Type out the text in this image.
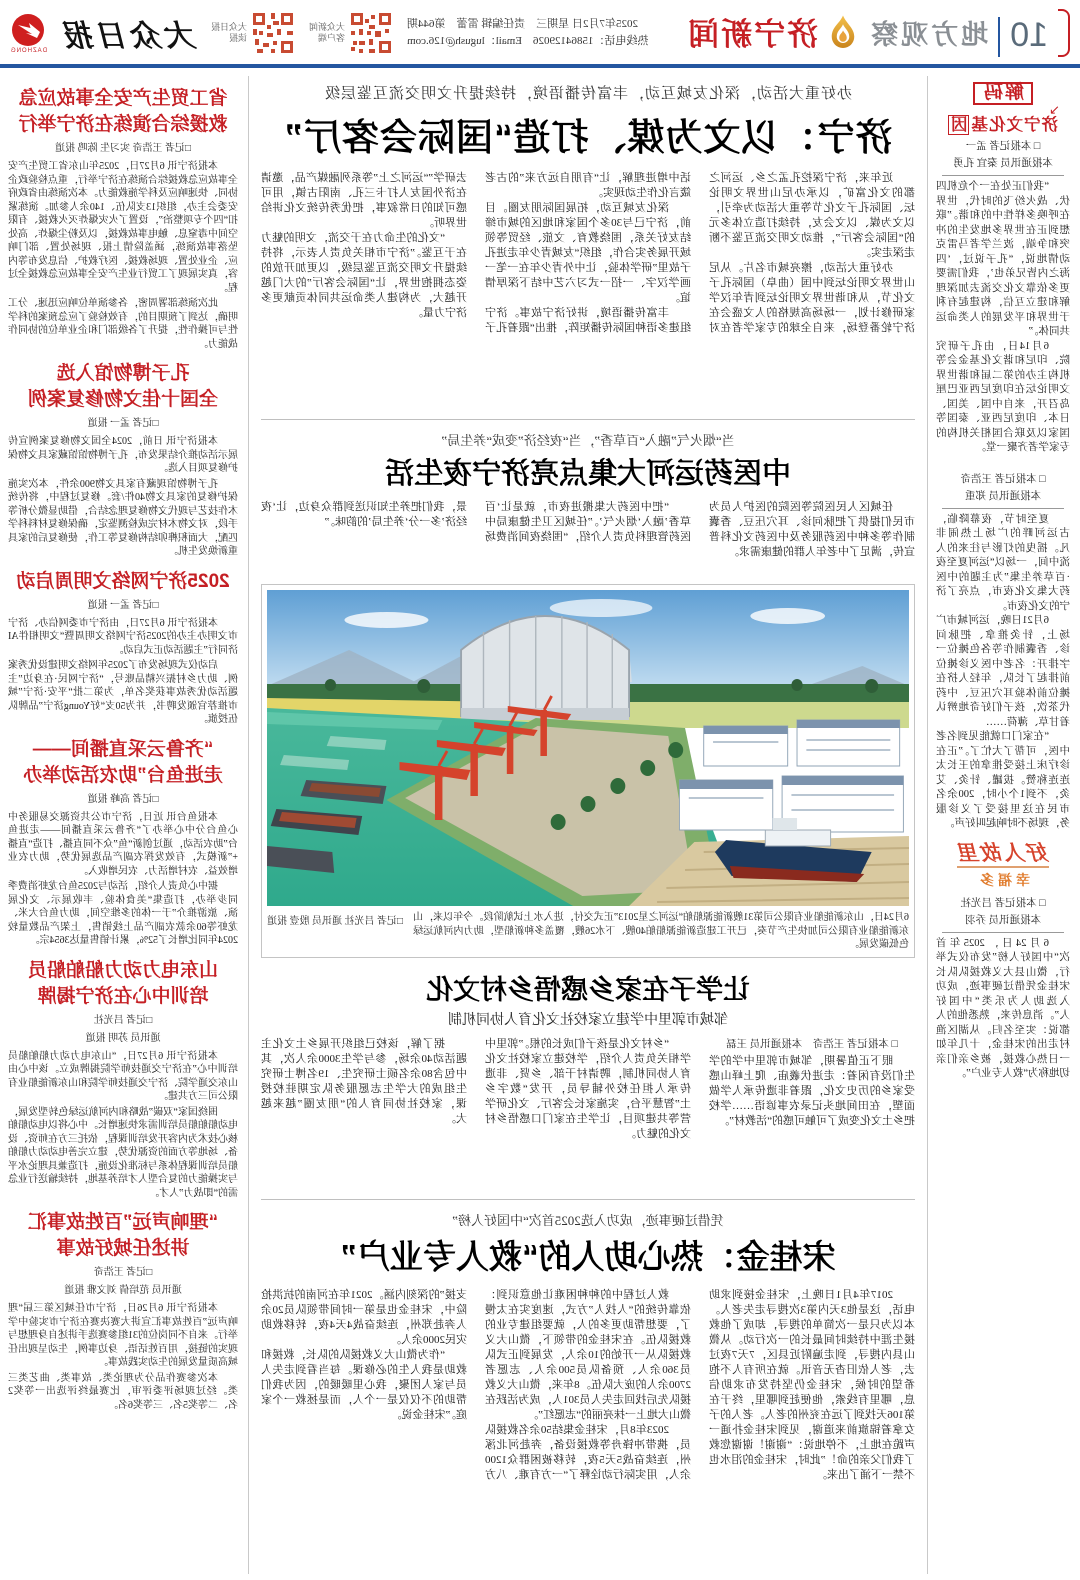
10
地方观察
济宁新闻
2025年7月2日 星期三　责任编辑 雷蕾　第644期
热线电话：15864129026　Email：lugush@126.com
大众新闻
客户端
大众日报
读报
大众日报
DAZHONG
解码
↘
济宁文化基因
□ 本报记者 孟一
本报通讯员 秦宜 孔勇

“我们正处在一个危机四伏、战火纷飞的时代，世界在呼唤多样性中的和谐。”联想到正在世界多地发生的冲突和争端，波兰学者马雷克动情地说，“孔子说过，‘四海之内皆兄弟也’，我们需要更多依靠文化交流去加深理解和建立互信，构建起有利于世界和平发展的人类命运共同体。”

6月14日，由孔子研究院、印尼和谐文化基金会等机构主办的第二届和谐世界文明论坛在印度尼西亚巴厘岛召开，来自中国、美国、日本、印度尼西亚、泰国等国家以及联合国相关机构的专家学者齐聚一堂。

□ 本报记者 王浩奇
本报通讯员 郑重

夏至时节，夜幕降临，古运河畔的广场上热闹非凡。摇曳的灯影与往来的人流中间，一场以“运河夏至夜·百草养生集”为主题的中医药大集文化夜市，点亮了济宁的文化夜市。

6月21日晚，运河城市广场上，针灸推拿、把脉问诊、香囊制作等各色摊位一字排开：名老中医义诊摊位前排起了长队，年轻人挤在摊位前体验耳穴压豆、中药代茶饮，孩子们好奇地辨认着甘草、薄荷……

“在家门口就能见到名老中医，可帮了大忙了。”正在诊疗床上接受推拿的王长太连连称赞。拔罐、针灸、艾灸，不到1个小时，200余名市民在这里接受了义诊服务，现场不时响起叫好声。

好人故里
幸福多
□ 本报记者 吕光社
本报通讯员 乔羽

6月24日，2025年首次“中国好人榜”发布仪式举行，微山县大义救援队队长宋桂金凭借过硬事迹，成功入选助人为乐类“中国好人”。消息传来，熟悉他的人都说：实至名归。从湖区渔村走出的宋桂金，十几年如一日热心救援，被乡亲们亲切地称为“救人专业户”。

办好重大活动，深化友城互动，丰富传播语境，持续提升文明交流互鉴层级
济宁：以文为媒、打造“国际会客厅”

近年来，济宁深挖孔孟之乡、运河之都的文化富矿，以承办尼山世界文明论坛、国际孔子文化节等重大活动为牵引，以文为媒、以文会友，持续打造立体多元的“国际会客厅”，推动文明交流互鉴不断走深走实。

办好重大活动，擦亮城市名片。从尼山世界文明论坛到中国（曲阜）国际孔子文化节，从和谐世界文明论坛到青年汉学家研修计划，一场场高规格的人文盛会在济宁轮番登场，来自全球的专家学者在对话中增进理解，让“有朋自远方来”的古老箴言化作生动现实。

深化友城互动，拓展国际朋友圈。目前，济宁已与30多个国家和地区的城市缔结友好关系，围绕教育、文旅、经贸等领域开展务实合作，组织“友城青少年走进孔子故里”研学体验，让中外青少年在一笔一画学汉字、一招一式习六艺中结下深厚情谊。

丰富传播语境，讲好济宁故事。济宁组建多语种国际传播矩阵，推出“跟着孔子去研学”“运河之上”等系列融媒产品，邀请在济外国友人打卡三孔、南阳古镇，用可感可知的日常叙事，把优秀传统文化讲给世界听。

“文化的生命力在于交流，文明的魅力在于互鉴。”济宁市相关负责人表示，将持续提升文明交流互鉴层级，以更加开放的姿态拥抱世界，让“国际会客厅”的大门越开越大，为构建人类命运共同体贡献更多济宁力量。

当“烟火气”融入“百草香”，当“夜经济”变成“养生局”
中医药运河大集点亮济宁夜生活

任城区人民医院等医院的医护人员为市民们提供了把脉问诊、耳穴压豆、香囊制作等多种中医药服务及中医药文化科普宣传，满足了中老年人群的健康需求。

“把中医药大集搬进夜市，就是让‘百草香’融入‘烟火气’。”任城区卫生健康局中医药管理科负责人介绍，“围绕夜间消费场景，我们把养生知识送到群众身边，让‘夜经济’多一分‘养生局’的韵味。”

6月24日，山东新能船业有限公司第31艘新能源船舶“运河之星2013”正式交付，进入水上试航阶段。今年以来，山东新能船业有限公司加快生产节奏，已开工建造新能源船舶40艘、下水26艘，覆盖多种新船型，助力内河航运绿色低碳发展。
□记者 吕光社 通讯员 殷壹 报道
让学子在家乡感悟乡村文化
邹城市郭里中学建立家校社文化育人协同机制
□ 本报记者 王浩奇　本报通讯员 王磊

眼下正值暑期，邹城市郭里中学的学生们没有闲着：走进伏羲庙、爬上峄山感受家乡的历史文化，跟着非遗传承人学做面塑，在田间地头记录农事谚语……学校把乡土文化变成了可触可感的“活教材”。

“乡村文化是孩子们成长的根。”郭里中学相关负责人介绍，学校建立家校社文化育人协同机制，聘请村干部、乡贤、非遗传承人担任校外辅导员，开发“数字乡土”智慧平台，实施家长会客厅、文化研学营等共建项目，让学生在家门口感悟乡村文化的魅力。

据了解，该校已组织开展乡土文化主题活动40余场，参与学生3000余人次，其中包含80余名硕士研究生、19名博士研究生组成的大学生志愿服务队定期驻校授课，家校社协同育人的“朋友圈”越来越大。

凭借过硬事迹，成功入选2025首次“中国好人榜”
宋桂金：热心助人的“救人专业户”

2017年4月1日晚上，宋桂金接到求助电话，这是他3天内第3次搜寻走失老人。本以为只是一次简单的搜寻，却成了他救援生涯中持续时间最长的一次行动。从微山县内搜寻，到走遍附近县区，7天7夜过去，老人依旧杳无音讯。就在所有人不抱希望的时候，宋桂金仍坚持发布求助信息，哪里有线索，他便赶到哪里，终于在第106天找到了远在兖州的老人。老人的子女拿着锦旗前来道谢，见到宋桂金扑通一声跪在地上，不停地说：“谢谢！谢谢您救了我们父亲的命！”此时，宋桂金的泪水也不禁一下涌了出来。

救人过程中的种种困难让他意识到：依靠传统的“人找人”方式，速度实在太慢了，要想帮助更多的人，就要组建专业的救援队伍。在宋桂金的带领下，微山大义救援队从一开始的10余人，发展到正式队员360余人、预备队员500余人、志愿者2700余人的庞大队伍。8年来，微山大义救援队先后找回走失人员301人，成为活跃在微山大地上一抹亮丽的“志愿红”。

2023年8月，宋桂金集结50余名救援队员，携带冲锋舟等救援设备，奔赴河北涿州，连续奋战5天5夜，转移被困群众1200余人，用实际行动诠释了“一方有难、八方支援”的深刻内涵。2021年在河南的抗洪抢险中，宋桂金也是第一时间带领队员20余人奔赴郑州，连续奋战4天4夜，转移救助灾民2000余人。

“作为微山大义救援队的队长，救援和救助是我人生的必修课。每当看到走失人员与家人团聚，我心里暖暖的，因为我们帮助的不仅仅是一个人，而是拯救一个家庭。”宋桂金说。

省工贸生产安全事故应急
救援综合演练在济宁举行
□记者 王浩奇 实习生 陈鸣 报道

本报济宁讯 6月27日，2025年山东省工贸生产安全事故应急救援综合演练在济宁举行，重点检验政企协同、快速响应及科学施救能力。本次演练由省政府安委会主办，组织13支队伍、140余人参加。演练紧扣“四个专项整治”，设置了火灾爆炸灭火救援、有限空间中毒窒息、触电事故救援，以及粉尘爆炸、高处坠落事故演练，涵盖险情上报、现场处置、部门响应、企业处置、现场救援、医疗救护、信息发布等内容，真实展现了工贸行业生产安全事故应急救援全过程。

此次演练部署周密，各参演单位响应迅速、分工明确，达到了预期目的，有效检验了应急预案的科学性与可操作性，提升了各级部门和企业单位的协同作战能力。

孔子博物馆入选
全国十佳文物修复案例
□记者 孟一 报道

本报济宁讯 日前，2024全国文物修复案例宣传展示活动推介结果发布，孔子博物馆馆藏家具文物保护修复项目入选。

孔子博物馆现藏有家具文物900余件，本次实施保护修复的家具文物40件/套。修复过程中，将传统木作技艺与现代文物修复理念结合，借助显微分析等手段，对文物木材完成检测鉴定，确保修复材料科学匹配，大面积榫卯结构修复等工作，使修复后的家具重新焕发生机。

2025济宁网络文明周启动
□记者 孟一 报道

本报济宁讯 6月27日，由济宁市委网信办、济宁市文明办主办的2025济宁网络文明周暨“文明相伴AI济同行”主题活动正式启动。

启动仪式现场发布了2025年网络文明建设优秀案例、助力乡村振兴精品账号，“济宁网民·在身边”主题活动优秀故事获奖名单，为第二批“平安·济宁”城市推荐官颁发聘书，并为50支“好Young济宁”品牌队伍授旗。

“齐鲁云采直播间——
走进鱼台”助农活动举办
□记者 高峰 报道

本报鱼台讯 近日，济宁市公共资源交易服务中心鱼台分中心举办了“齐鲁云采直播间——走进鱼台”助农活动，通过创新“鱼”众不同直播、打造“直播+”新模式，有效发挥农副产品选展优势，助力农业增效益、农村增活力、农民增收入。

据中心负责人介绍，活动与2025鱼台龙虾消费季同步举办，打造集“美食体验、丰收展示、文化展演、旅游推介”于一体的多维空间，助力鱼台大米、龙虾等60余款农副产品上线销售，上架产品数量较2024年同比增长了52%，累计销售量达3654宗。

山东电力动力船舶船员
培训中心在济宁揭牌
□记者 吕光社
通讯员 苏明 报道

本报济宁讯 6月27日，“山东电力动力船舶船员培训中心”在济宁交通技师学院揭牌成立。该中心由山东交通学院、济宁交通技师学院和山东新能船业有限公司三方共建。

围绕国家“双碳”战略和内河航运绿色转型发展，电动船舶船员培训需求快速增长。中心将以电动船舶核心技术为内容开发培训课程，依托三方在师资、设备、场地等方面的资源优势，建立完善电动动力船舶船员培训课程体系与标准化设施，打造兼具理论水平与实操能力的复合型人才培养基地，持续输送行业急需的“即战力”人才。

“理响声远”百姓故事汇
讲述任城好故事
□记者 王浩奇
通讯员 范培倩 刘文雅 报道

本报济宁讯 6月26日，济宁市任城区第三届“理响声远”百姓故事汇宣讲大赛决赛在济宁市实验中学举行。来自不同岗位的31组参赛选手讲述自身理想与现实的链接，用百姓话语、身边事例，生动呈现出任城高质量发展的生动实践故事。

本次参赛作品分为理论类、故事类、曲艺类三类。经过现场评委评审，比赛最终评选出一等奖2名、二等奖5名、三等奖6名。
